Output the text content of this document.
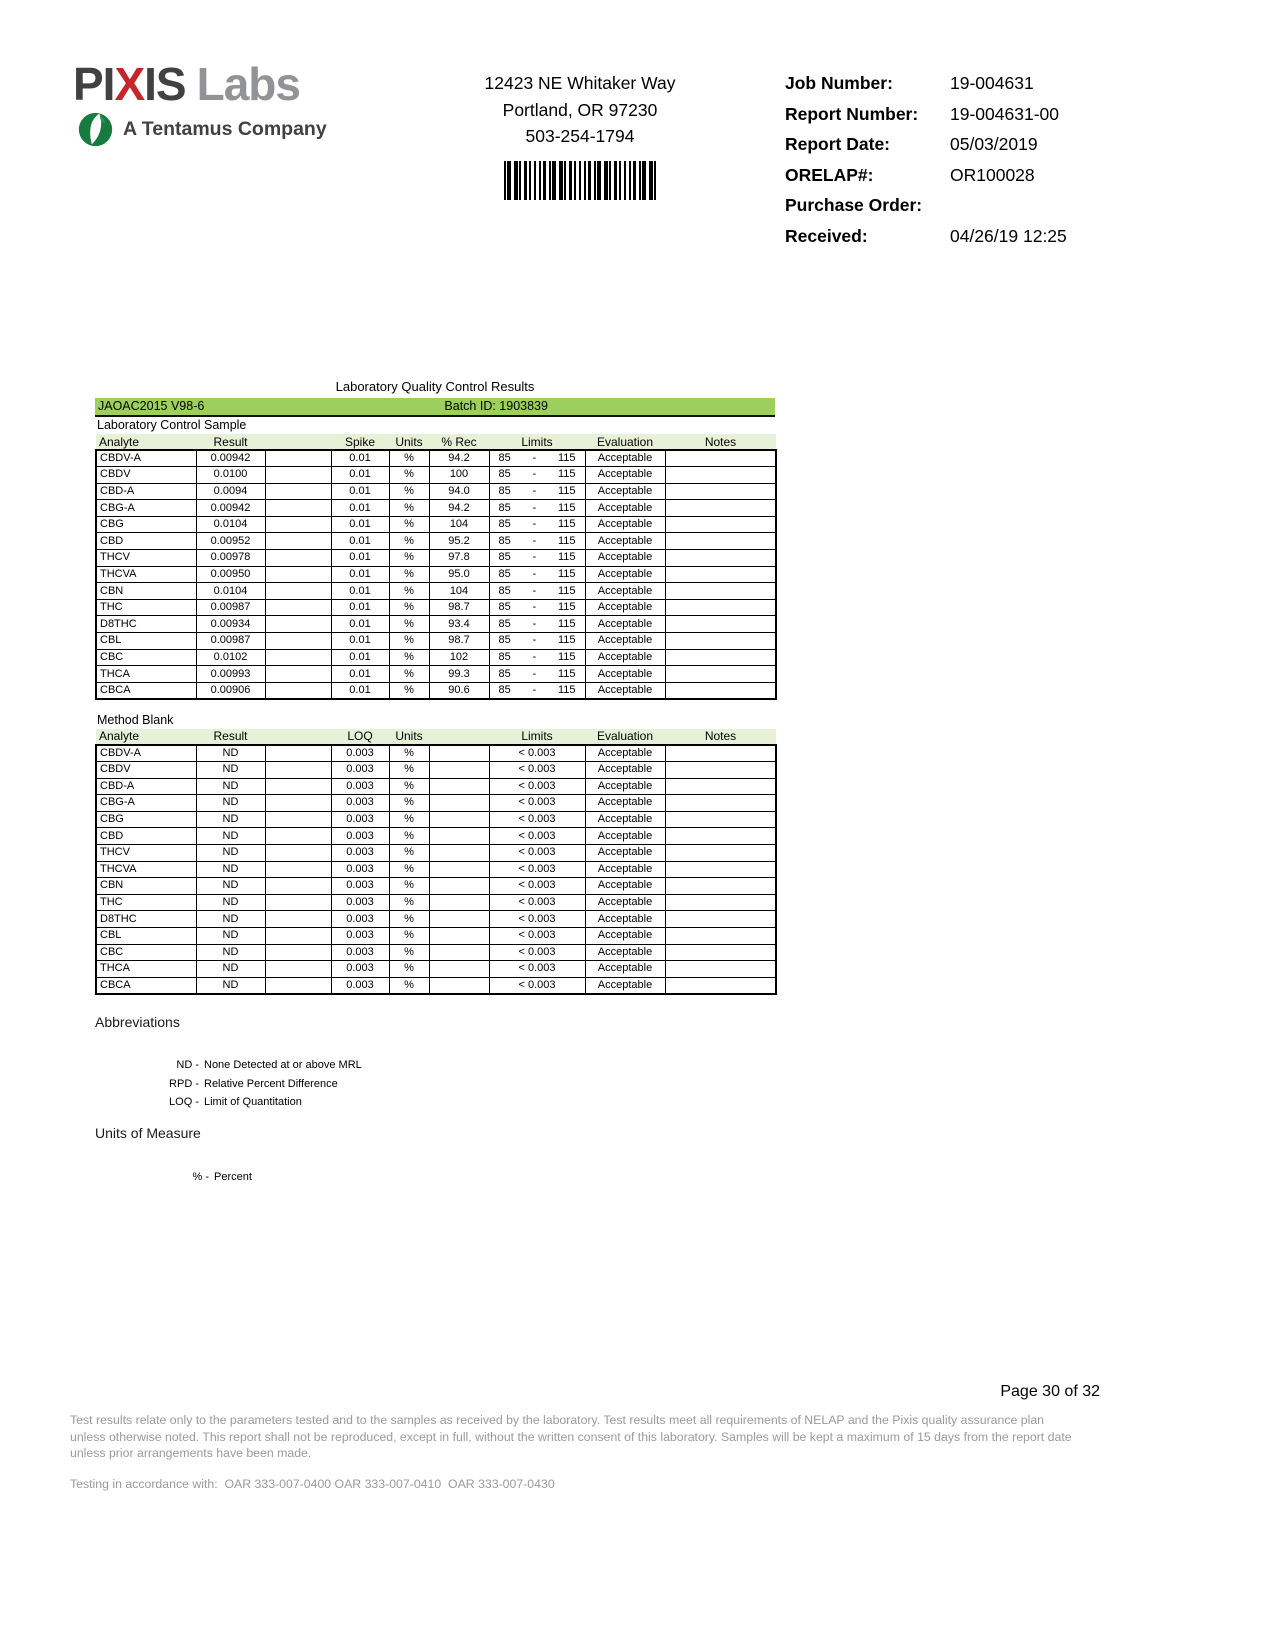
PIXIS Labs
A Tentamus Company
12423 NE Whitaker Way
Portland, OR 97230
503-254-1794
Job Number:	19-004631
Report Number:	19-004631-00
Report Date:	05/03/2019
ORELAP#:	OR100028
Purchase Order:
Received:	04/26/19 12:25
Laboratory Quality Control Results
JAOAC2015 V98-6	Batch ID: 1903839
Laboratory Control Sample
Analyte	Result		Spike	Units	% Rec	Limits	Evaluation	Notes
CBDV-A	0.00942		0.01	%	94.2	85 - 115	Acceptable	
CBDV	0.0100		0.01	%	100	85 - 115	Acceptable	
CBD-A	0.0094		0.01	%	94.0	85 - 115	Acceptable	
CBG-A	0.00942		0.01	%	94.2	85 - 115	Acceptable	
CBG	0.0104		0.01	%	104	85 - 115	Acceptable	
CBD	0.00952		0.01	%	95.2	85 - 115	Acceptable	
THCV	0.00978		0.01	%	97.8	85 - 115	Acceptable	
THCVA	0.00950		0.01	%	95.0	85 - 115	Acceptable	
CBN	0.0104		0.01	%	104	85 - 115	Acceptable	
THC	0.00987		0.01	%	98.7	85 - 115	Acceptable	
D8THC	0.00934		0.01	%	93.4	85 - 115	Acceptable	
CBL	0.00987		0.01	%	98.7	85 - 115	Acceptable	
CBC	0.0102		0.01	%	102	85 - 115	Acceptable	
THCA	0.00993		0.01	%	99.3	85 - 115	Acceptable	
CBCA	0.00906		0.01	%	90.6	85 - 115	Acceptable	
Method Blank
Analyte	Result		LOQ	Units		Limits	Evaluation	Notes
CBDV-A	ND		0.003	%		< 0.003	Acceptable	
CBDV	ND		0.003	%		< 0.003	Acceptable	
CBD-A	ND		0.003	%		< 0.003	Acceptable	
CBG-A	ND		0.003	%		< 0.003	Acceptable	
CBG	ND		0.003	%		< 0.003	Acceptable	
CBD	ND		0.003	%		< 0.003	Acceptable	
THCV	ND		0.003	%		< 0.003	Acceptable	
THCVA	ND		0.003	%		< 0.003	Acceptable	
CBN	ND		0.003	%		< 0.003	Acceptable	
THC	ND		0.003	%		< 0.003	Acceptable	
D8THC	ND		0.003	%		< 0.003	Acceptable	
CBL	ND		0.003	%		< 0.003	Acceptable	
CBC	ND		0.003	%		< 0.003	Acceptable	
THCA	ND		0.003	%		< 0.003	Acceptable	
CBCA	ND		0.003	%		< 0.003	Acceptable	
Abbreviations
ND - None Detected at or above MRL
RPD - Relative Percent Difference
LOQ - Limit of Quantitation
Units of Measure
% - Percent
Page 30 of 32
Test results relate only to the parameters tested and to the samples as received by the laboratory. Test results meet all requirements of NELAP and the Pixis quality assurance plan unless otherwise noted. This report shall not be reproduced, except in full, without the written consent of this laboratory. Samples will be kept a maximum of 15 days from the report date unless prior arrangements have been made.
Testing in accordance with:  OAR 333-007-0400 OAR 333-007-0410  OAR 333-007-0430
